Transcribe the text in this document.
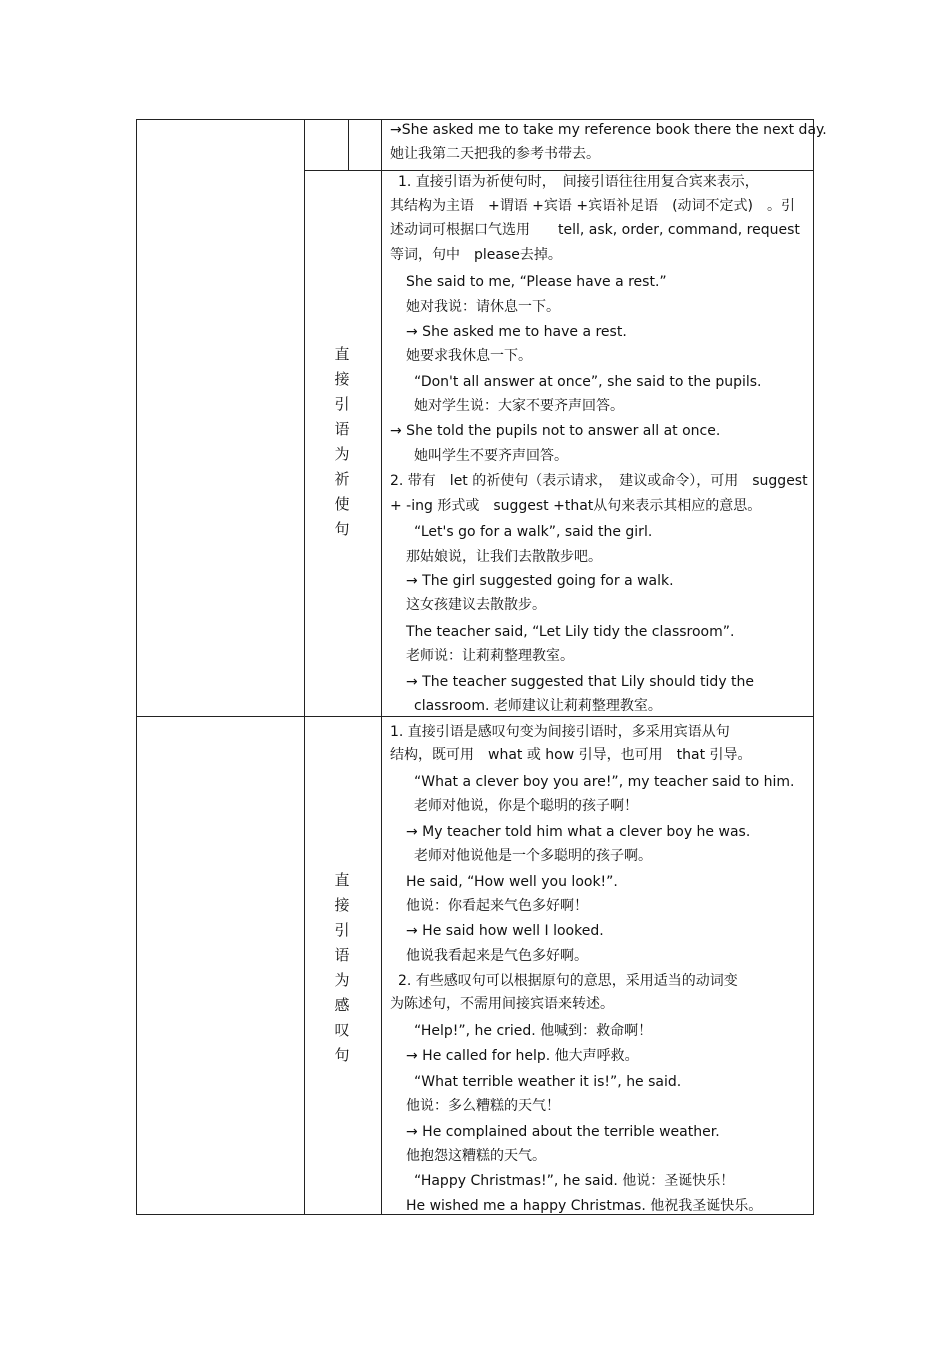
→She asked me to take my reference book there the next day.
她让我第二天把我的参考书带去。
直
接
引
语
为
祈
使
句
1. 直接引语为祈使句时，　间接引语往往用复合宾来表示，
其结构为主语　+谓语 +宾语 +宾语补足语　(动词不定式)　。引
述动词可根据口气选用　　tell, ask, order, command, request
等词，句中　please去掉。
She said to me, “Please have a rest.”
她对我说：请休息一下。
→ She asked me to have a rest.
她要求我休息一下。
“Don't all answer at once”, she said to the pupils.
她对学生说：大家不要齐声回答。
→ She told the pupils not to answer all at once.
她叫学生不要齐声回答。
2. 带有　let 的祈使句（表示请求，　建议或命令），可用　suggest
+ -ing 形式或　suggest +that从句来表示其相应的意思。
“Let's go for a walk”, said the girl.
那姑娘说，让我们去散散步吧。
→ The girl suggested going for a walk.
这女孩建议去散散步。
The teacher said, “Let Lily tidy the classroom”.
老师说：让莉莉整理教室。
→ The teacher suggested that Lily should tidy the
classroom. 老师建议让莉莉整理教室。
直
接
引
语
为
感
叹
句
1. 直接引语是感叹句变为间接引语时，多采用宾语从句
结构，既可用　what 或 how 引导，也可用　that 引导。
“What a clever boy you are!”, my teacher said to him.
老师对他说，你是个聪明的孩子啊！
→ My teacher told him what a clever boy he was.
老师对他说他是一个多聪明的孩子啊。
He said, “How well you look!”.
他说：你看起来气色多好啊！
→ He said how well I looked.
他说我看起来是气色多好啊。
2. 有些感叹句可以根据原句的意思，采用适当的动词变
为陈述句，不需用间接宾语来转述。
“Help!”, he cried. 他喊到：救命啊！
→ He called for help. 他大声呼救。
“What terrible weather it is!”, he said.
他说：多么糟糕的天气！
→ He complained about the terrible weather.
他抱怨这糟糕的天气。
“Happy Christmas!”, he said. 他说：圣诞快乐！
He wished me a happy Christmas. 他祝我圣诞快乐。
